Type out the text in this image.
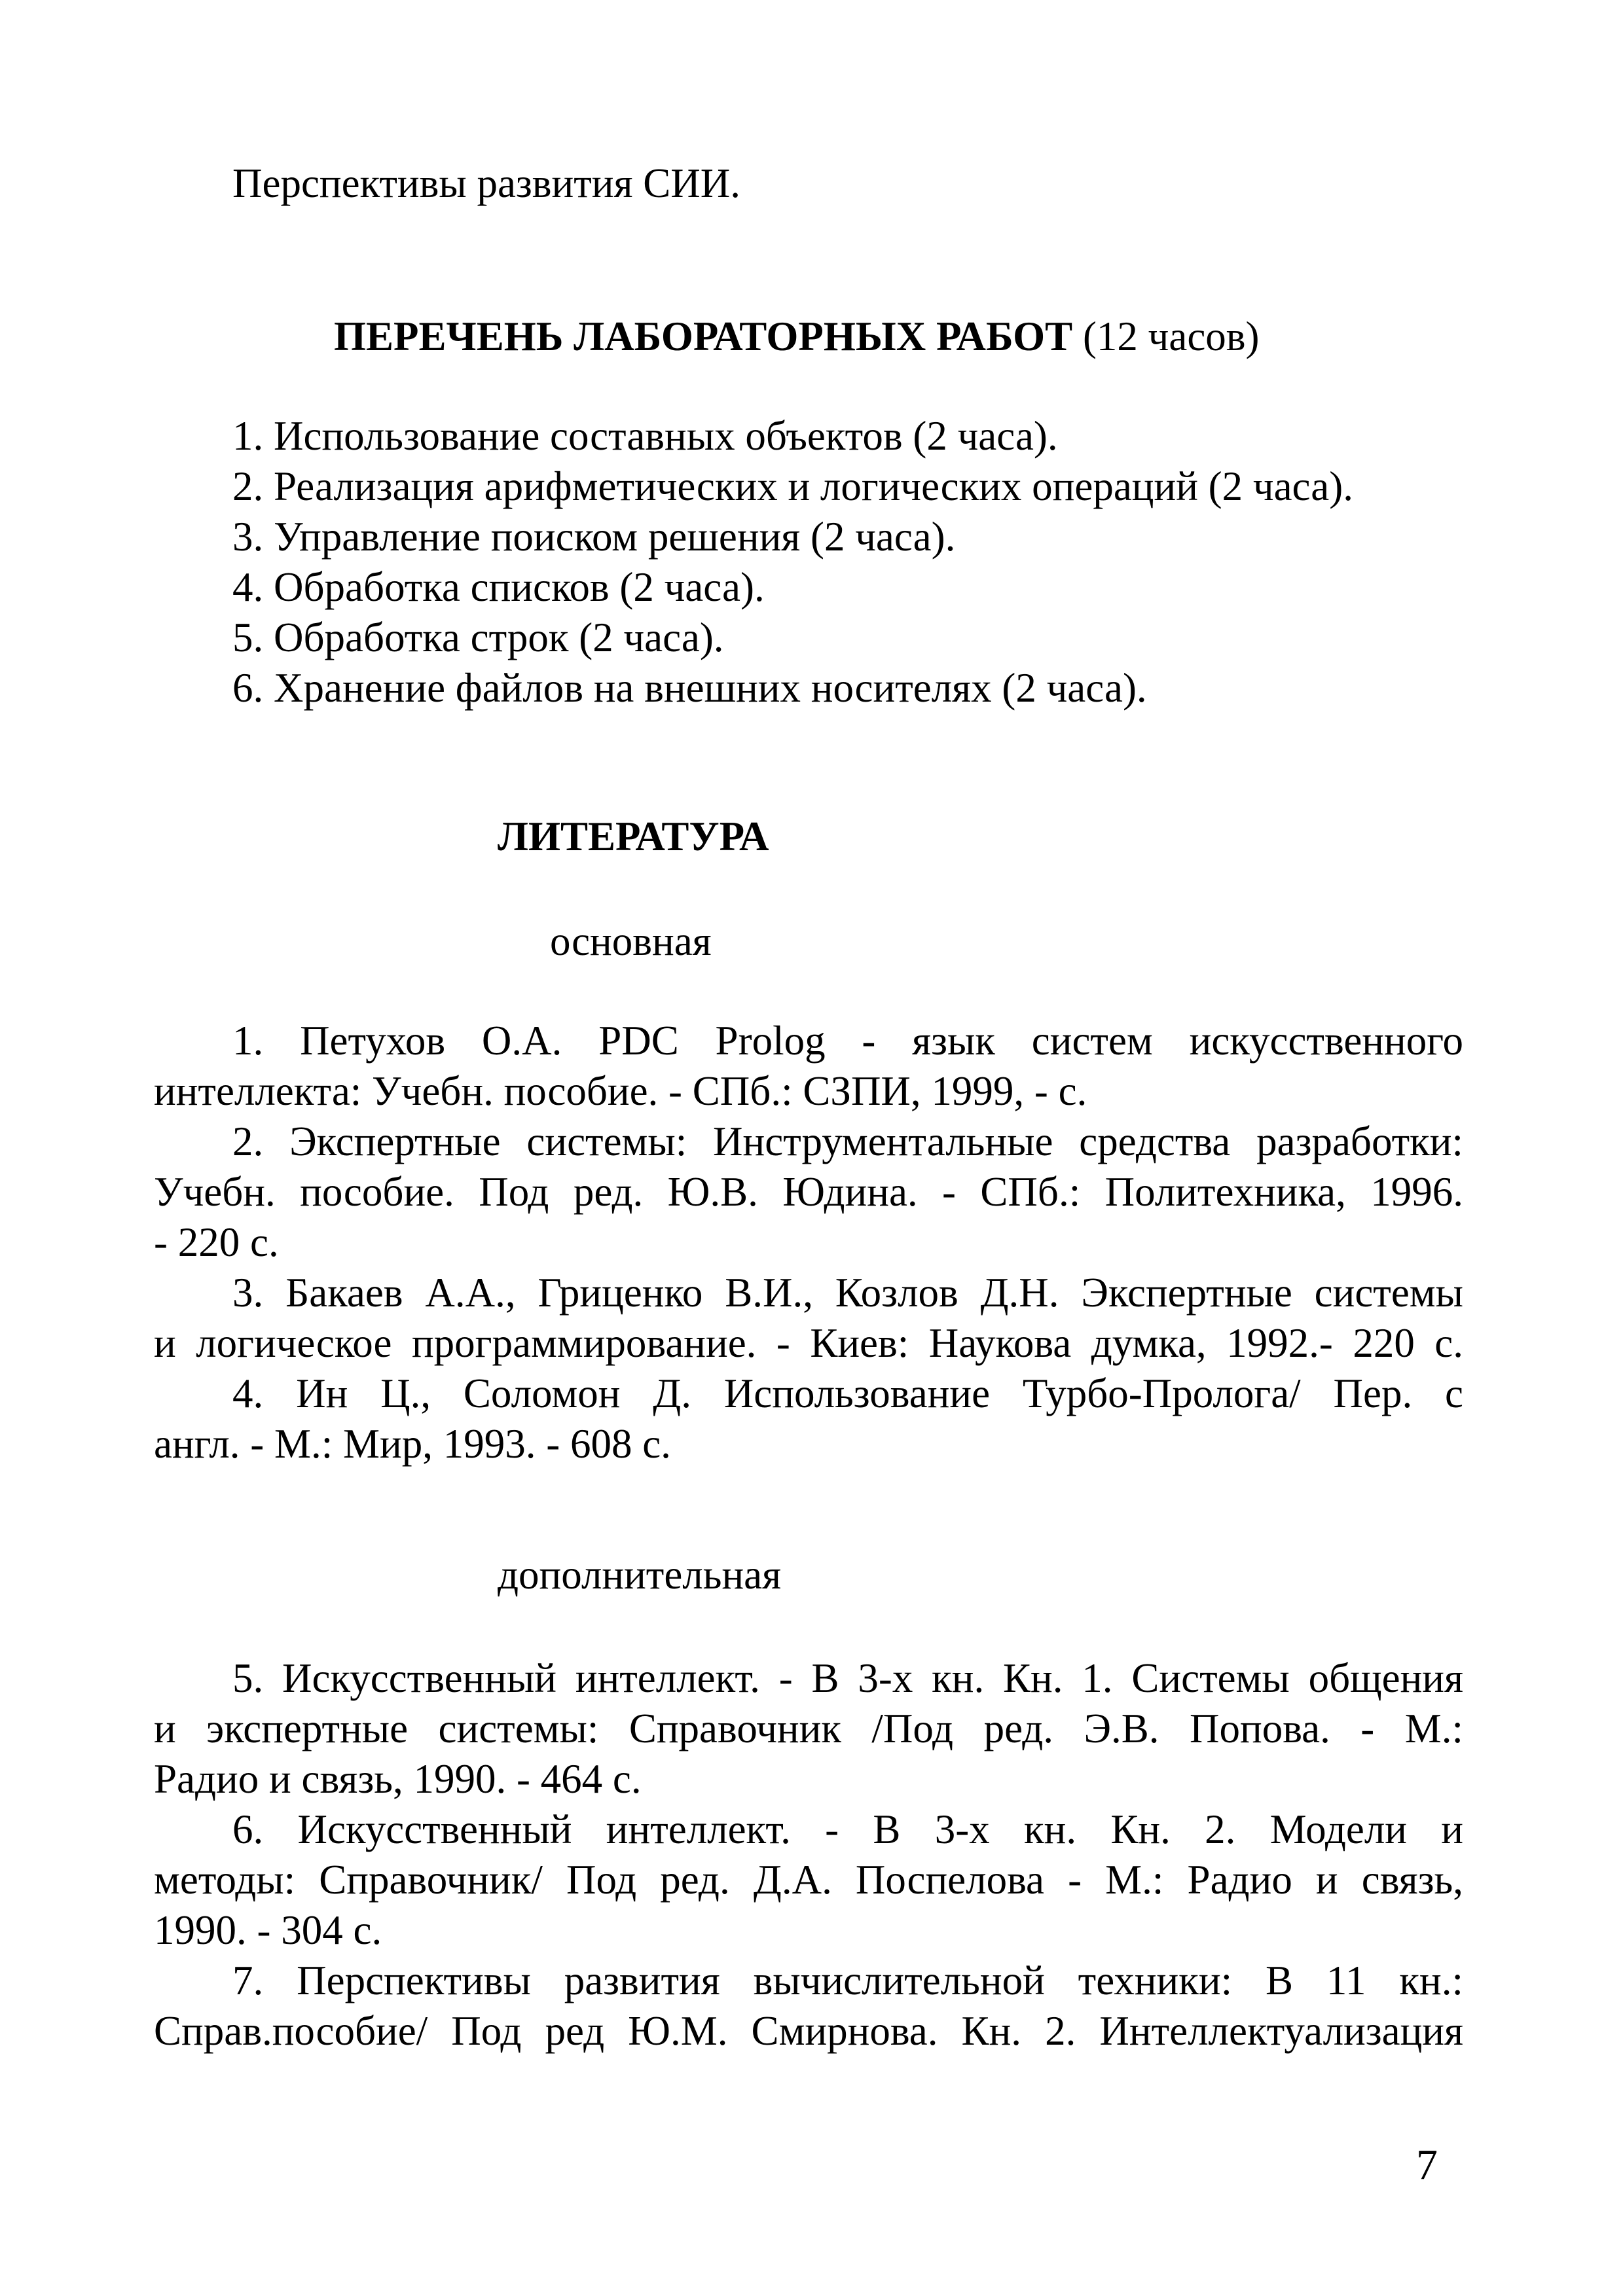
Перспективы развития СИИ.
ПЕРЕЧЕНЬ ЛАБОРАТОРНЫХ РАБОТ (12 часов)
1. Использование составных объектов (2 часа).
2. Реализация арифметических и логических операций (2 часа).
3. Управление поиском решения (2 часа).
4. Обработка списков (2 часа).
5. Обработка строк (2 часа).
6. Хранение файлов на внешних носителях (2 часа).
ЛИТЕРАТУРА
основная
1. Петухов О.А. PDC Prolog - язык систем искусственного
интеллекта: Учебн. пособие. - СПб.: СЗПИ, 1999, - с.
2. Экспертные системы: Инструментальные средства разработки:
Учебн. пособие. Под ред. Ю.В. Юдина. - СПб.: Политехника, 1996.
- 220 с.
3. Бакаев А.А., Гриценко В.И., Козлов Д.Н. Экспертные системы
и логическое программирование. - Киев: Наукова думка, 1992.- 220 с.
4. Ин Ц., Соломон Д. Использование Турбо-Пролога/ Пер. с
англ. - М.: Мир, 1993. - 608 с.
дополнительная
5. Искусственный интеллект. - В 3-х кн. Кн. 1. Системы общения
и экспертные системы: Справочник /Под ред. Э.В. Попова. - М.:
Радио и связь, 1990. - 464 с.
6. Искусственный интеллект. - В 3-х кн. Кн. 2. Модели и
методы: Справочник/ Под ред. Д.А. Поспелова - М.: Радио и связь,
1990. - 304 с.
7. Перспективы развития вычислительной техники: В 11 кн.:
Справ.пособие/ Под ред Ю.М. Смирнова. Кн. 2. Интеллектуализация
7
